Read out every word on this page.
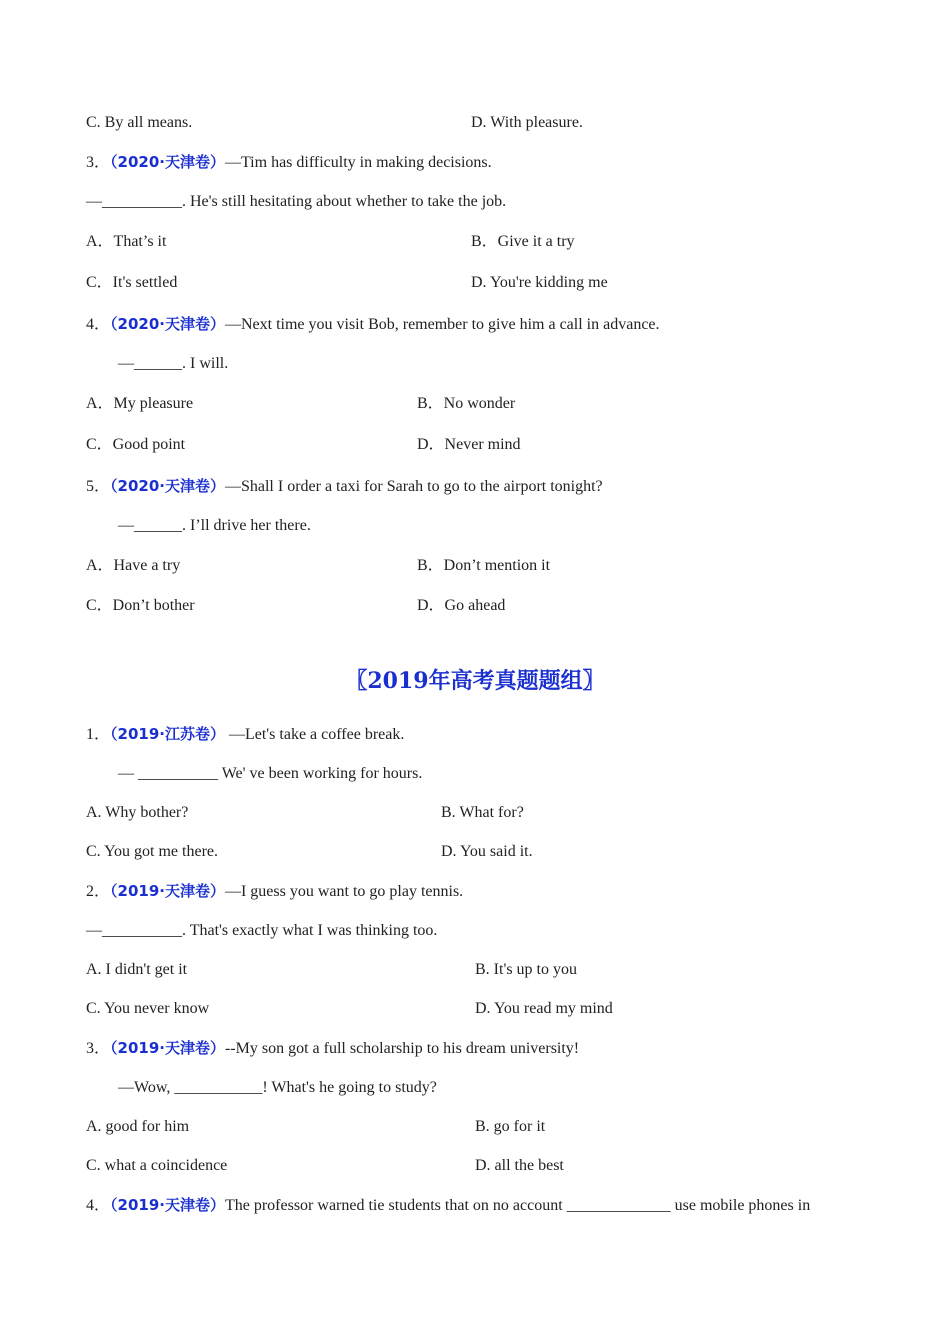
C. By all means.	D. With pleasure.
3．（2020·天津卷）—Tim has difficulty in making decisions.
—__________. He's still hesitating about whether to take the job.
A．That’s it	B．Give it a try
C．It's settled	D. You're kidding me
4．（2020·天津卷）—Next time you visit Bob, remember to give him a call in advance.
—______. I will.
A．My pleasure	B．No wonder
C．Good point	D．Never mind
5．（2020·天津卷）—Shall I order a taxi for Sarah to go to the airport tonight?
—______. I’ll drive her there.
A．Have a try	B．Don’t mention it
C．Don’t bother	D．Go ahead
〖2019年高考真题题组〗
1．（2019·江苏卷） —Let's take a coffee break.
— __________ We' ve been working for hours.
A. Why bother?	B. What for?
C. You got me there.	D. You said it.
2．（2019·天津卷）—I guess you want to go play tennis.
—__________. That's exactly what I was thinking too.
A. I didn't get it	B. It's up to you
C. You never know	D. You read my mind
3．（2019·天津卷）--My son got a full scholarship to his dream university!
—Wow, ___________! What's he going to study?
A. good for him	B. go for it
C. what a coincidence	D. all the best
4．（2019·天津卷）The professor warned tie students that on no account _____________ use mobile phones in
